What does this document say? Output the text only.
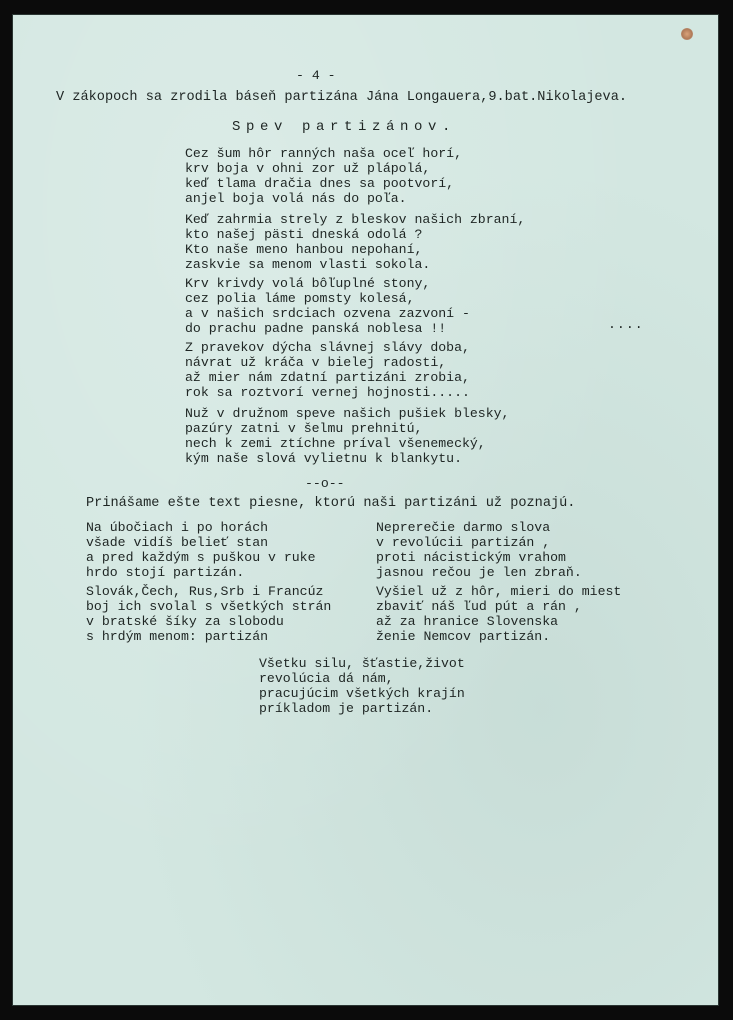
- 4 -
V zákopoch sa zrodila báseň partizána Jána Longauera,9.bat.Nikolajeva.
Spev partizánov.
Cez šum hôr ranných naša oceľ horí,
krv boja v ohni zor už plápolá,
keď tlama dračia dnes sa pootvorí,
anjel boja volá nás do poľa.
Keď zahrmia strely z bleskov našich zbraní,
kto našej pästi dneská odolá ?
Kto naše meno hanbou nepohaní,
zaskvie sa menom vlasti sokola.
Krv krivdy volá bôľuplné stony,
cez polia láme pomsty kolesá,
a v našich srdciach ozvena zazvoní -
do prachu padne panská noblesa !!	....
Z pravekov dýcha slávnej slávy doba,
návrat už kráča v bielej radosti,
až mier nám zdatní partizáni zrobia,
rok sa roztvorí vernej hojnosti.....
Nuž v družnom speve našich pušiek blesky,
pazúry zatni v šelmu prehnitú,
nech k zemi ztíchne príval všenemecký,
kým naše slová vylietnu k blankytu.
--o--
Prinášame ešte text piesne, ktorú naši partizáni už poznajú.
Na úbočiach i po horách
všade vidíš belieť stan
a pred každým s puškou v ruke
hrdo stojí partizán.
Slovák,Čech, Rus,Srb i Francúz
boj ich svolal s všetkých strán
v bratské šíky za slobodu
s hrdým menom: partizán
Neprerečie darmo slova
v revolúcii partizán ,
proti nácistickým vrahom
jasnou rečou je len zbraň.
Vyšiel už z hôr, mieri do miest
zbaviť náš ľud pút a rán ,
až za hranice Slovenska
ženie Nemcov partizán.
Všetku silu, šťastie,život
revolúcia dá nám,
pracujúcim všetkých krajín
príkladom je partizán.
